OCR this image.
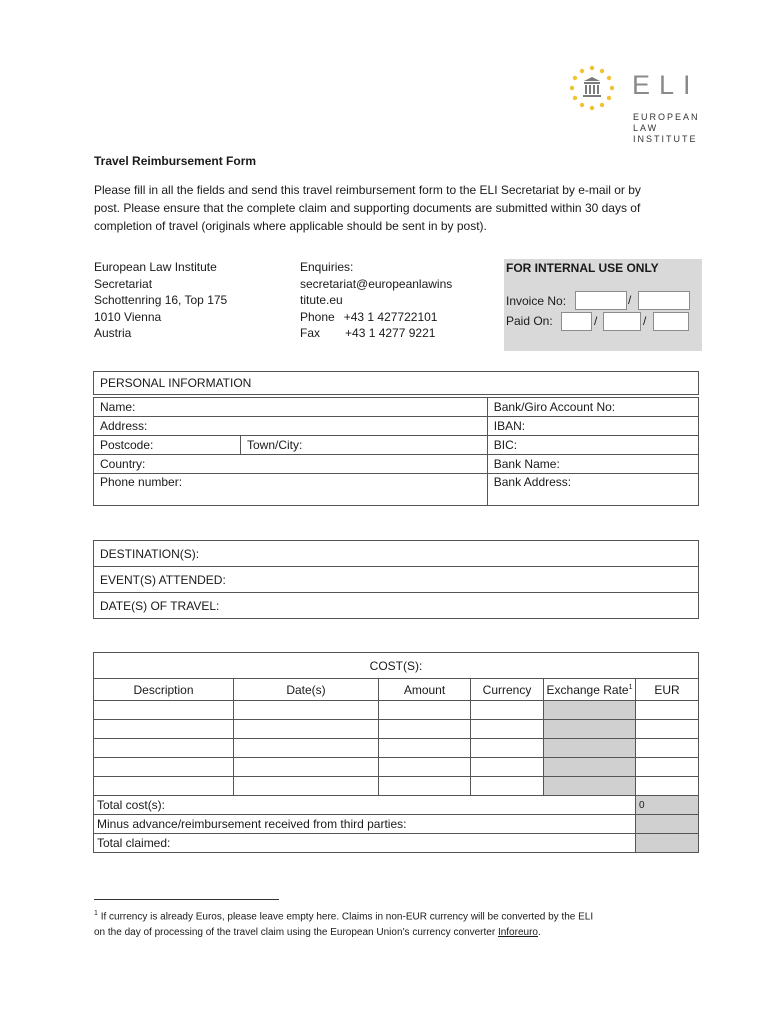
ELI
EUROPEAN
LAW
INSTITUTE
Travel Reimbursement Form
Please fill in all the fields and send this travel reimbursement form to the ELI Secretariat by e-mail or by
post. Please ensure that the complete claim and supporting documents are submitted within 30 days of
completion of travel (originals where applicable should be sent in by post).
European Law Institute
Secretariat
Schottenring 16, Top 175
1010 Vienna
Austria
Enquiries:
secretariat@europeanlawins
titute.eu
Phone +43 1 427722101
Fax +43 1 4277 9221
FOR INTERNAL USE ONLY
Invoice No:	/
Paid On:	/	/
PERSONAL INFORMATION		

Name:		Bank/Giro Account No:
Address:		IBAN:
Postcode:	Town/City:	BIC:
Country:		Bank Name:
Phone number:		Bank Address:
DESTINATION(S):
EVENT(S) ATTENDED:
DATE(S) OF TRAVEL:
COST(S):					
Description	Date(s)	Amount	Currency	Exchange Rate$^1$	EUR

Total cost(s):					0
Minus advance/reimbursement received from third parties:					
Total claimed:					
$^1$ If currency is already Euros, please leave empty here. Claims in non-EUR currency will be converted by the ELI
on the day of processing of the travel claim using the European Union’s currency converter Inforeuro.
